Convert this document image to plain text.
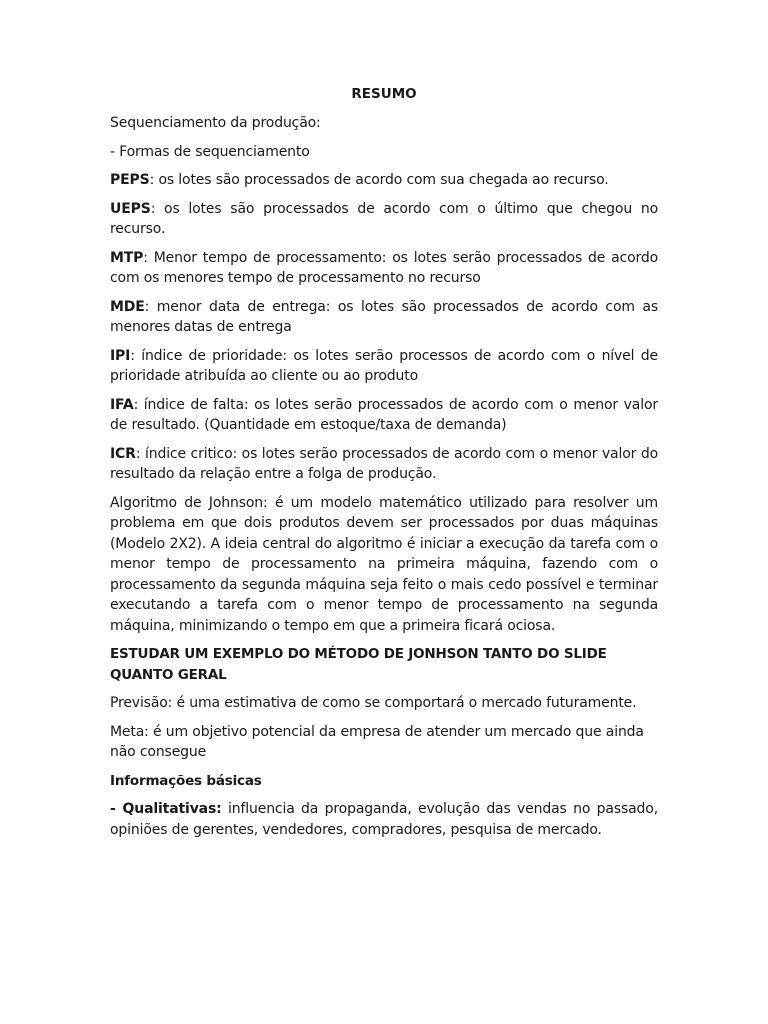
RESUMO
Sequenciamento da produção:
- Formas de sequenciamento
PEPS: os lotes são processados de acordo com sua chegada ao recurso.
UEPS: os lotes são processados de acordo com o último que chegou no recurso.
MTP: Menor tempo de processamento: os lotes serão processados de acordo com os menores tempo de processamento no recurso
MDE: menor data de entrega: os lotes são processados de acordo com as menores datas de entrega
IPI: índice de prioridade: os lotes serão processos de acordo com o nível de prioridade atribuída ao cliente ou ao produto
IFA: índice de falta: os lotes serão processados de acordo com o menor valor de resultado. (Quantidade em estoque/taxa de demanda)
ICR: índice critico: os lotes serão processados de acordo com o menor valor do resultado da relação entre a folga de produção.
Algoritmo de Johnson: é um modelo matemático utilizado para resolver um problema em que dois produtos devem ser processados por duas máquinas (Modelo 2X2). A ideia central do algoritmo é iniciar a execução da tarefa com o menor tempo de processamento na primeira máquina, fazendo com o processamento da segunda máquina seja feito o mais cedo possível e terminar executando a tarefa com o menor tempo de processamento na segunda máquina, minimizando o tempo em que a primeira ficará ociosa.
ESTUDAR UM EXEMPLO DO MÉTODO DE JONHSON TANTO DO SLIDE QUANTO GERAL
Previsão: é uma estimativa de como se comportará o mercado futuramente.
Meta: é um objetivo potencial da empresa de atender um mercado que ainda não consegue
Informações básicas
- Qualitativas: influencia da propaganda, evolução das vendas no passado, opiniões de gerentes, vendedores, compradores, pesquisa de mercado.
